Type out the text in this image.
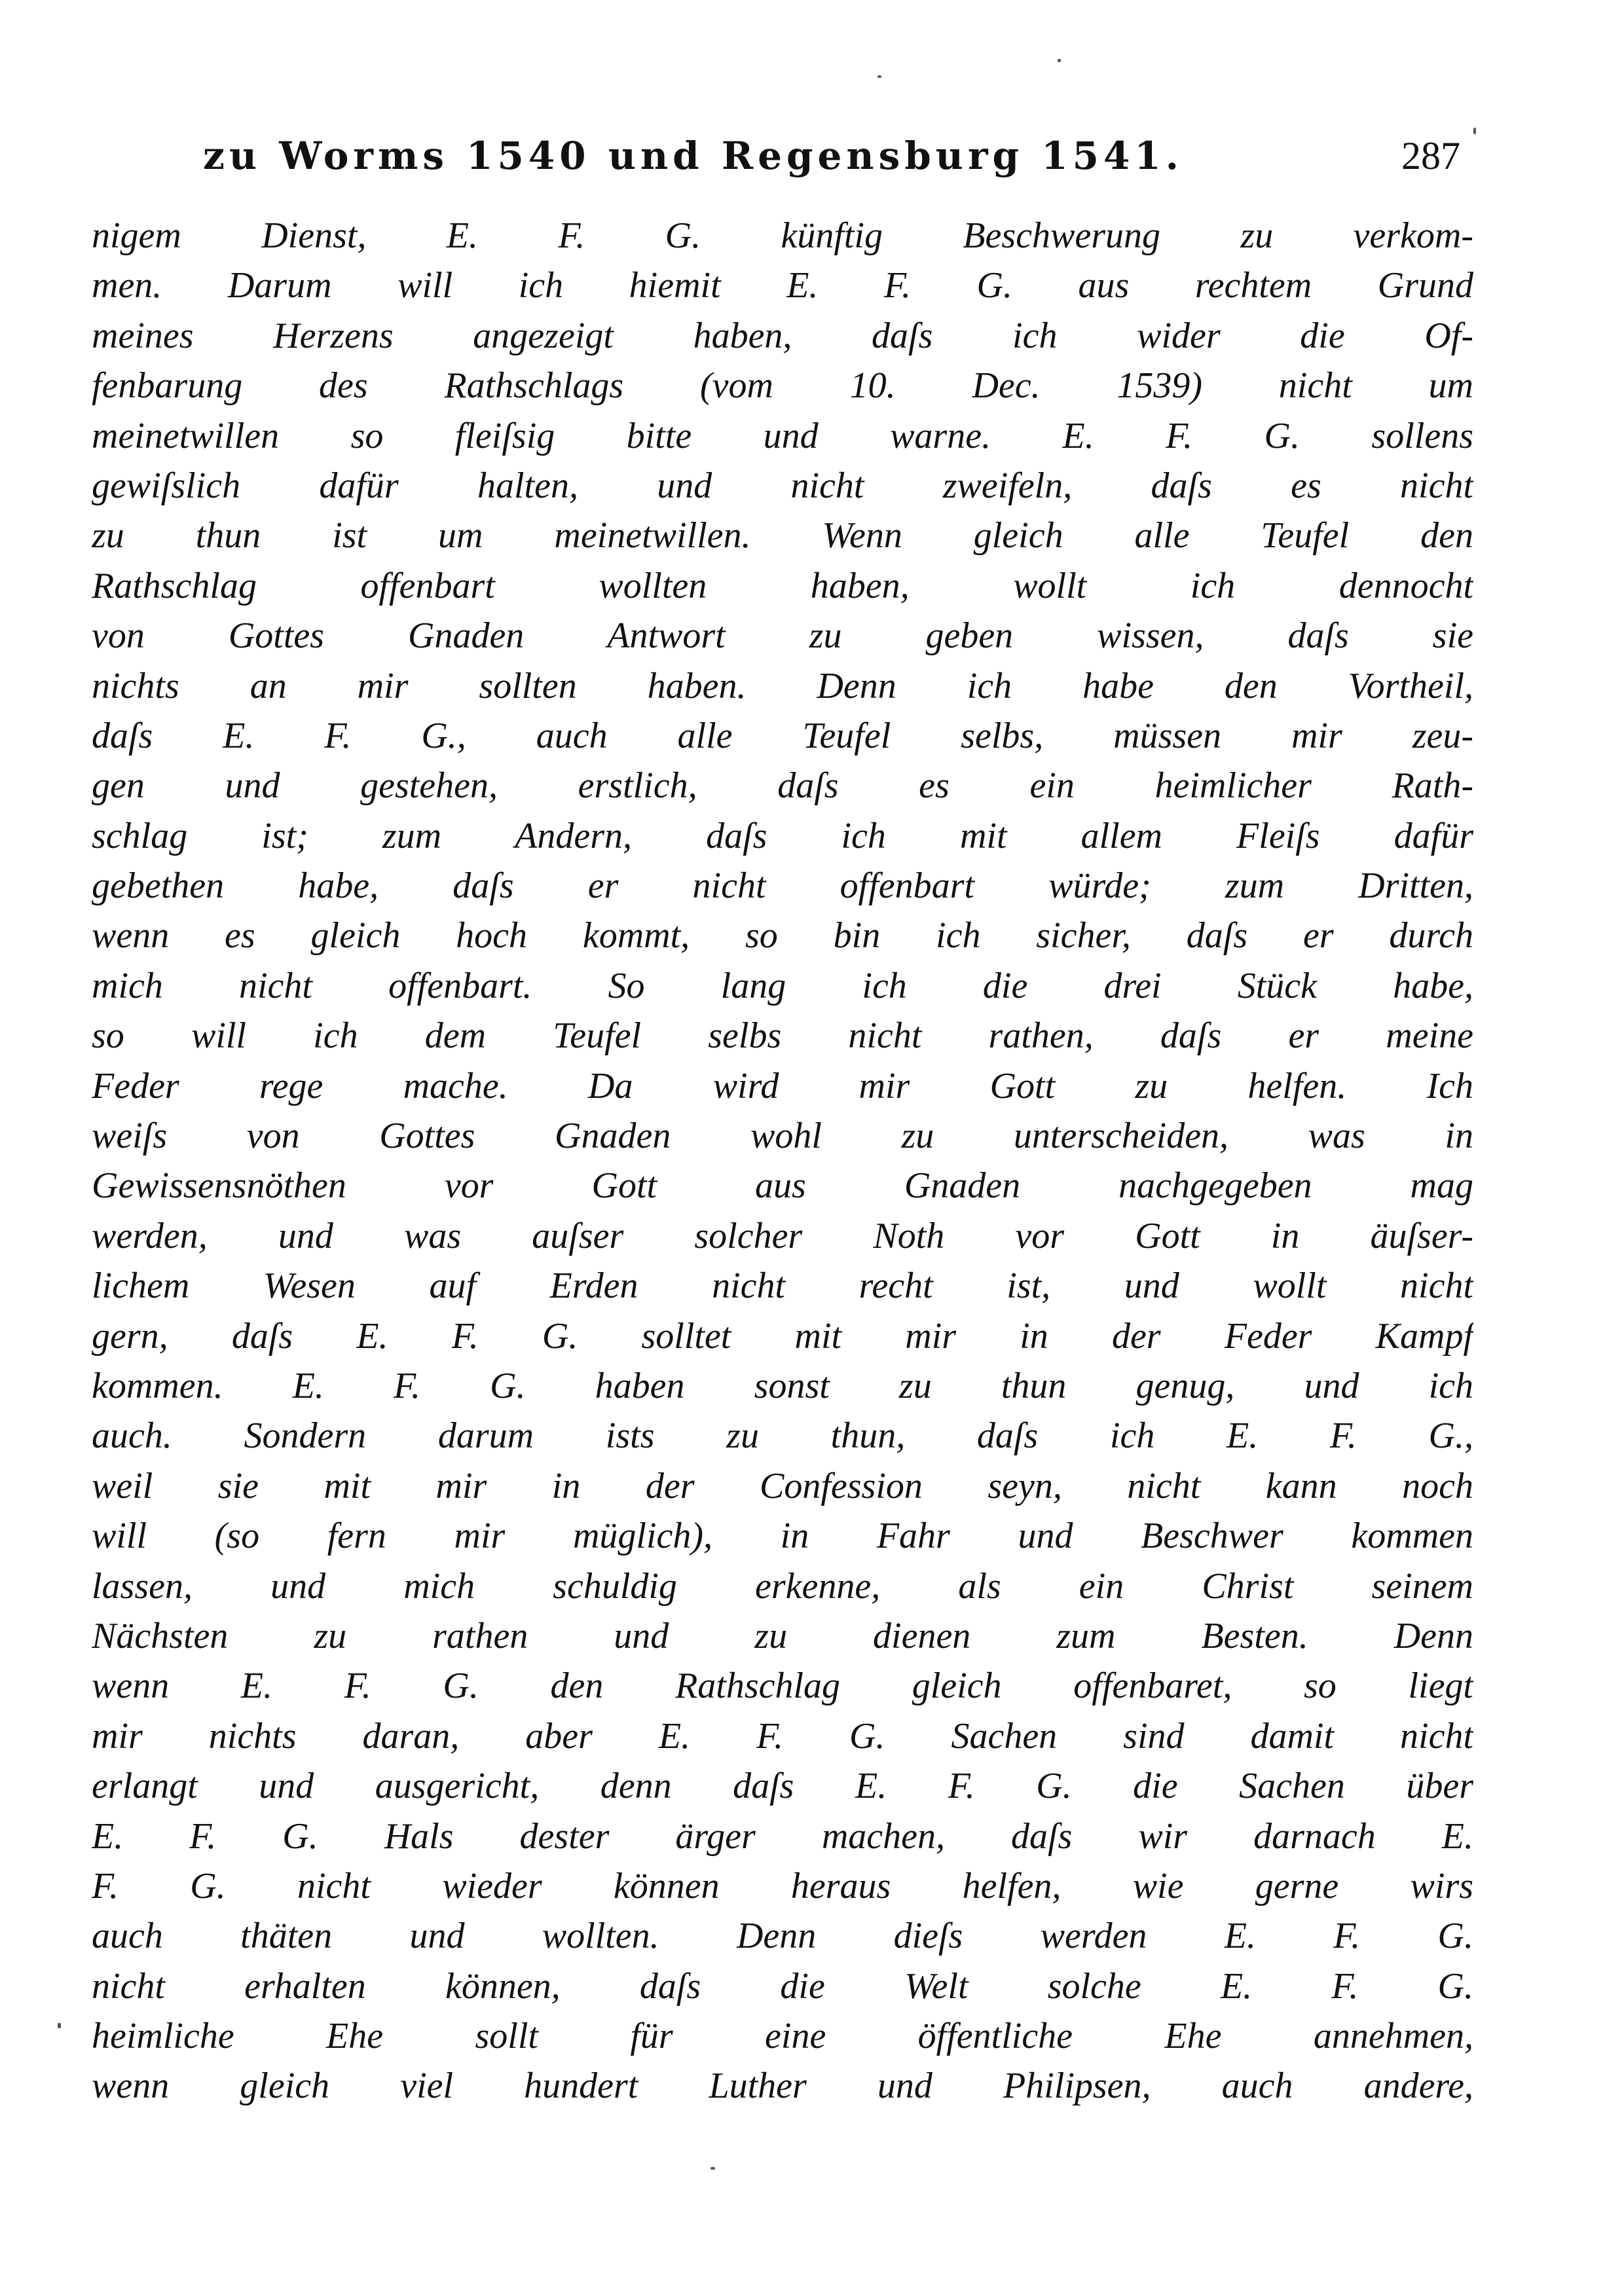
zu Worms 1540 und Regensburg 1541.	287
nigem Dienst, E. F. G. künftig Beschwerung zu verkom-
men. Darum will ich hiemit E. F. G. aus rechtem Grund
meines Herzens angezeigt haben, daſs ich wider die Of-
fenbarung des Rathschlags (vom 10. Dec. 1539) nicht um
meinetwillen so fleiſsig bitte und warne. E. F. G. sollens
gewiſslich dafür halten, und nicht zweifeln, daſs es nicht
zu thun ist um meinetwillen. Wenn gleich alle Teufel den
Rathschlag offenbart wollten haben, wollt ich dennocht
von Gottes Gnaden Antwort zu geben wissen, daſs sie
nichts an mir sollten haben. Denn ich habe den Vortheil,
daſs E. F. G., auch alle Teufel selbs, müssen mir zeu-
gen und gestehen, erstlich, daſs es ein heimlicher Rath-
schlag ist; zum Andern, daſs ich mit allem Fleiſs dafür
gebethen habe, daſs er nicht offenbart würde; zum Dritten,
wenn es gleich hoch kommt, so bin ich sicher, daſs er durch
mich nicht offenbart. So lang ich die drei Stück habe,
so will ich dem Teufel selbs nicht rathen, daſs er meine
Feder rege mache. Da wird mir Gott zu helfen. Ich
weiſs von Gottes Gnaden wohl zu unterscheiden, was in
Gewissensnöthen vor Gott aus Gnaden nachgegeben mag
werden, und was auſser solcher Noth vor Gott in äuſser-
lichem Wesen auf Erden nicht recht ist, und wollt nicht
gern, daſs E. F. G. solltet mit mir in der Feder Kampf
kommen. E. F. G. haben sonst zu thun genug, und ich
auch. Sondern darum ists zu thun, daſs ich E. F. G.,
weil sie mit mir in der Confession seyn, nicht kann noch
will (so fern mir müglich), in Fahr und Beschwer kommen
lassen, und mich schuldig erkenne, als ein Christ seinem
Nächsten zu rathen und zu dienen zum Besten. Denn
wenn E. F. G. den Rathschlag gleich offenbaret, so liegt
mir nichts daran, aber E. F. G. Sachen sind damit nicht
erlangt und ausgericht, denn daſs E. F. G. die Sachen über
E. F. G. Hals dester ärger machen, daſs wir darnach E.
F. G. nicht wieder können heraus helfen, wie gerne wirs
auch thäten und wollten. Denn dieſs werden E. F. G.
nicht erhalten können, daſs die Welt solche E. F. G.
heimliche Ehe sollt für eine öffentliche Ehe annehmen,
wenn gleich viel hundert Luther und Philipsen, auch andere,
